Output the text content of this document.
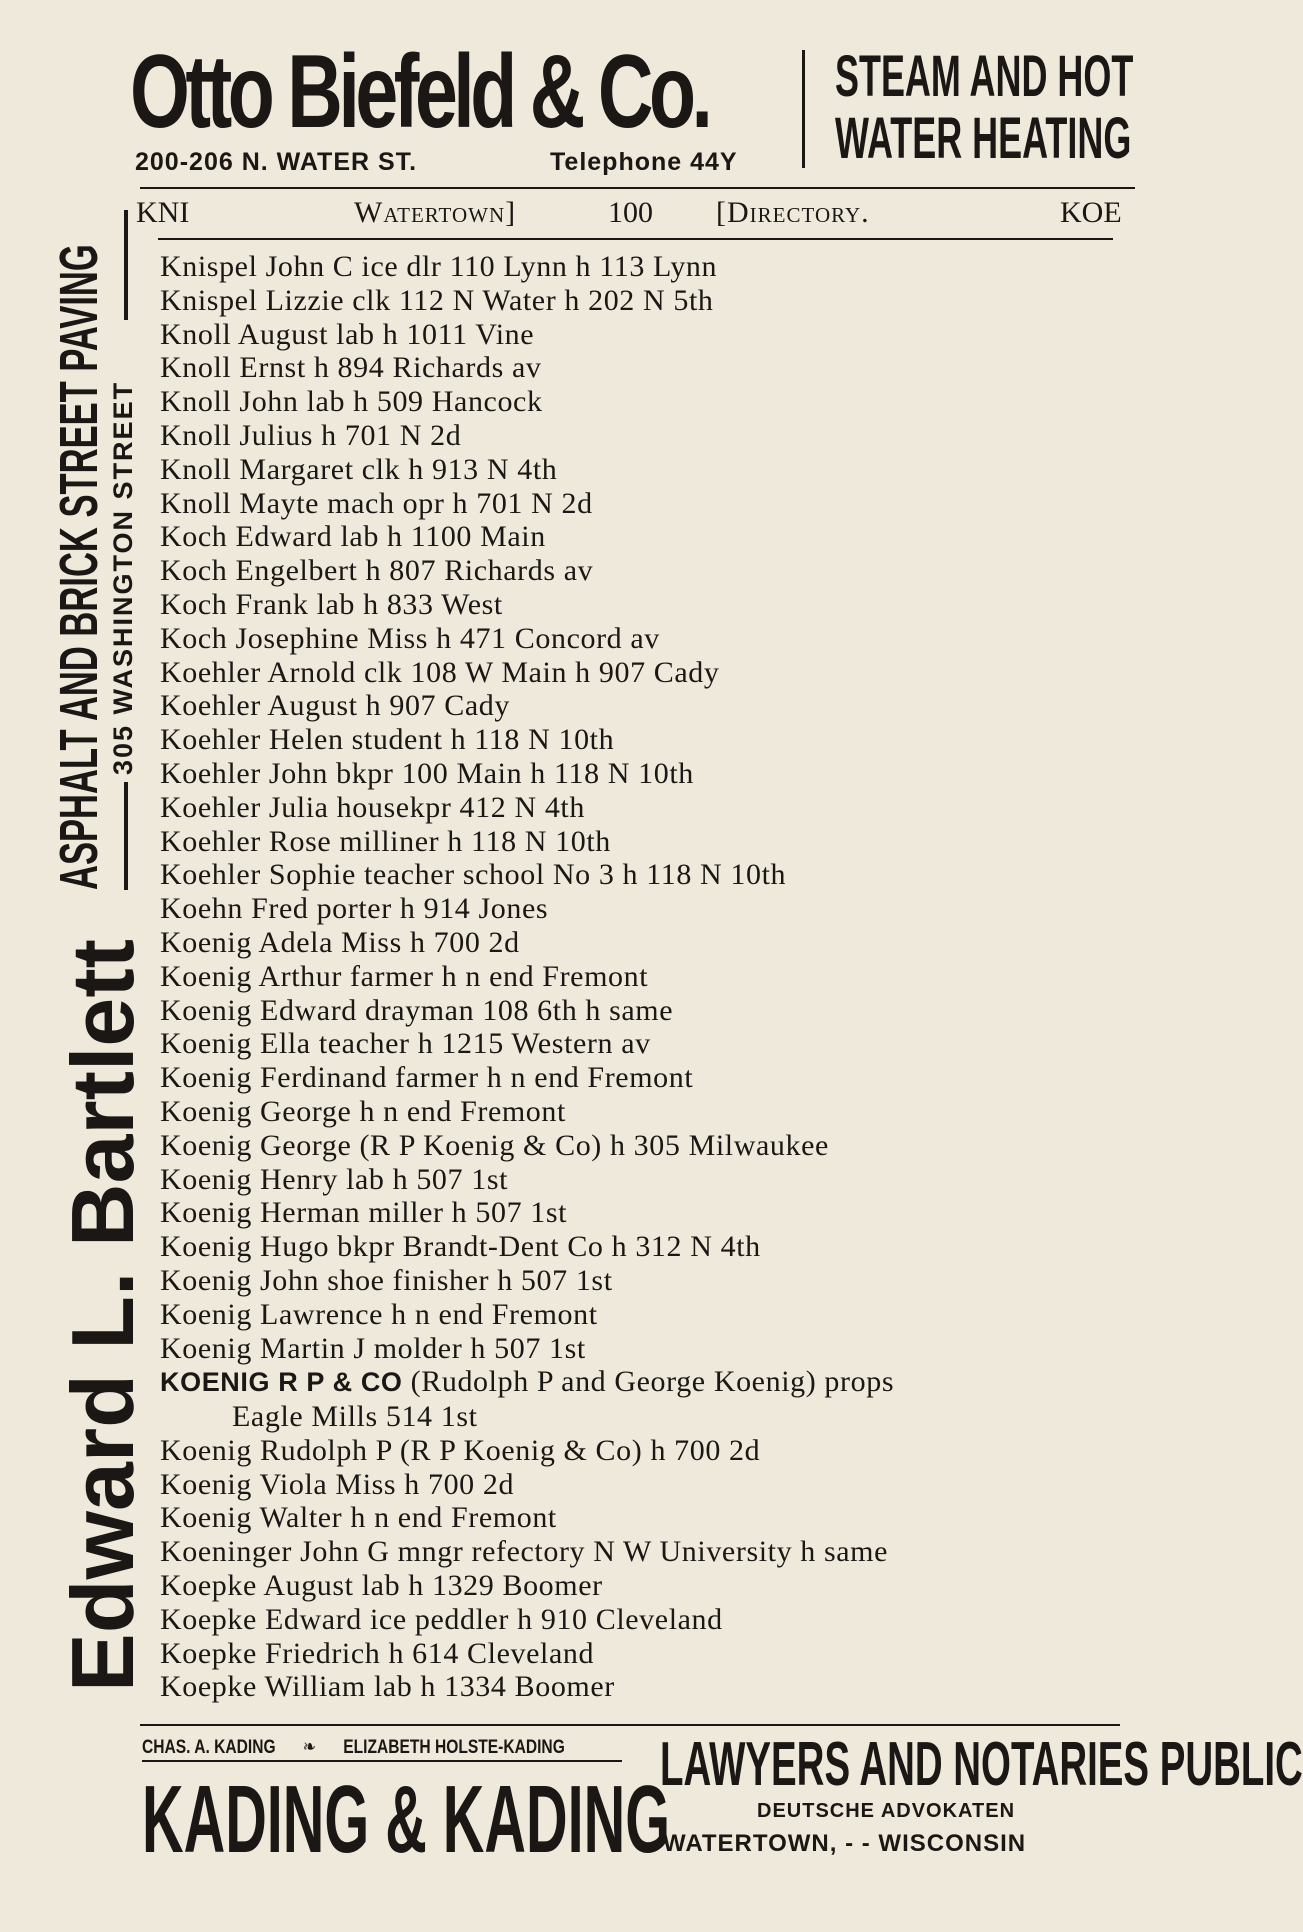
Otto Biefeld & Co.
200-206 N. WATER ST.	Telephone 44Y
STEAM AND HOT
WATER HEATING
KNI	Watertown]	100 [Directory.	KOE
Edward L. Bartlett
ASPHALT AND BRICK STREET PAVING 305 WASHINGTON STREET
Knispel John C ice dlr 110 Lynn h 113 Lynn
Knispel Lizzie clk 112 N Water h 202 N 5th
Knoll August lab h 1011 Vine
Knoll Ernst h 894 Richards av
Knoll John lab h 509 Hancock
Knoll Julius h 701 N 2d
Knoll Margaret clk h 913 N 4th
Knoll Mayte mach opr h 701 N 2d
Koch Edward lab h 1100 Main
Koch Engelbert h 807 Richards av
Koch Frank lab h 833 West
Koch Josephine Miss h 471 Concord av
Koehler Arnold clk 108 W Main h 907 Cady
Koehler August h 907 Cady
Koehler Helen student h 118 N 10th
Koehler John bkpr 100 Main h 118 N 10th
Koehler Julia housekpr 412 N 4th
Koehler Rose milliner h 118 N 10th
Koehler Sophie teacher school No 3 h 118 N 10th
Koehn Fred porter h 914 Jones
Koenig Adela Miss h 700 2d
Koenig Arthur farmer h n end Fremont
Koenig Edward drayman 108 6th h same
Koenig Ella teacher h 1215 Western av
Koenig Ferdinand farmer h n end Fremont
Koenig George h n end Fremont
Koenig George (R P Koenig & Co) h 305 Milwaukee
Koenig Henry lab h 507 1st
Koenig Herman miller h 507 1st
Koenig Hugo bkpr Brandt-Dent Co h 312 N 4th
Koenig John shoe finisher h 507 1st
Koenig Lawrence h n end Fremont
Koenig Martin J molder h 507 1st
KOENIG R P & CO (Rudolph P and George Koenig) props
Eagle Mills 514 1st
Koenig Rudolph P (R P Koenig & Co) h 700 2d
Koenig Viola Miss h 700 2d
Koenig Walter h n end Fremont
Koeninger John G mngr refectory N W University h same
Koepke August lab h 1329 Boomer
Koepke Edward ice peddler h 910 Cleveland
Koepke Friedrich h 614 Cleveland
Koepke William lab h 1334 Boomer
CHAS. A. KADING ❧ ELIZABETH HOLSTE-KADING
KADING & KADING
LAWYERS AND NOTARIES PUBLIC
DEUTSCHE ADVOKATEN
WATERTOWN, - - WISCONSIN
